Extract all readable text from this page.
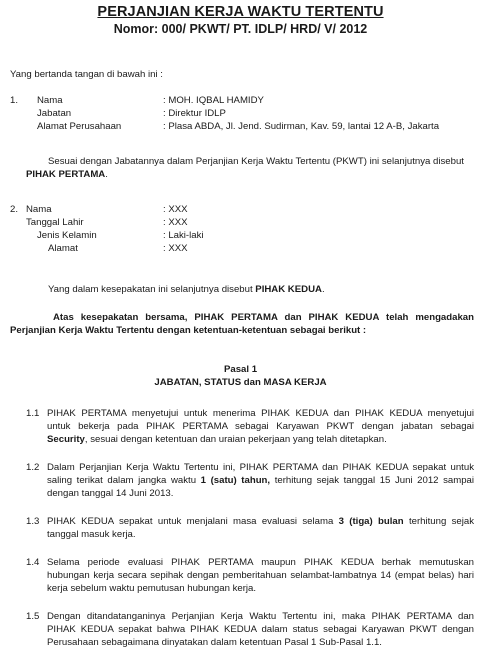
PERJANJIAN KERJA WAKTU TERTENTU
Nomor: 000/ PKWT/ PT. IDLP/ HRD/ V/ 2012
Yang bertanda tangan di bawah ini :
1. Nama	: MOH. IQBAL HAMIDY
Jabatan	: Direktur IDLP
Alamat Perusahaan	: Plasa ABDA, Jl. Jend. Sudirman, Kav. 59, lantai 12 A-B, Jakarta
Sesuai dengan Jabatannya dalam Perjanjian Kerja Waktu Tertentu (PKWT) ini selanjutnya disebut
PIHAK PERTAMA.
2. Nama	: XXX
Tanggal Lahir	: XXX
Jenis Kelamin	: Laki-laki
Alamat	: XXX
Yang dalam kesepakatan ini selanjutnya disebut PIHAK KEDUA.
Atas kesepakatan bersama, PIHAK PERTAMA dan PIHAK KEDUA telah mengadakan
Perjanjian Kerja Waktu Tertentu dengan ketentuan-ketentuan sebagai berikut :
Pasal 1
JABATAN, STATUS dan MASA KERJA
1.1 PIHAK PERTAMA menyetujui untuk menerima PIHAK KEDUA dan PIHAK KEDUA menyetujui
untuk bekerja pada PIHAK PERTAMA sebagai Karyawan PKWT dengan jabatan sebagai
Security, sesuai dengan ketentuan dan uraian pekerjaan yang telah ditetapkan.
1.2 Dalam Perjanjian Kerja Waktu Tertentu ini, PIHAK PERTAMA dan PIHAK KEDUA sepakat untuk
saling terikat dalam jangka waktu 1 (satu) tahun, terhitung sejak tanggal 15 Juni 2012 sampai
dengan tanggal 14 Juni 2013.
1.3 PIHAK KEDUA sepakat untuk menjalani masa evaluasi selama 3 (tiga) bulan terhitung sejak
tanggal masuk kerja.
1.4 Selama periode evaluasi PIHAK PERTAMA maupun PIHAK KEDUA berhak memutuskan
hubungan kerja secara sepihak dengan pemberitahuan selambat-lambatnya 14 (empat belas) hari
kerja sebelum waktu pemutusan hubungan kerja.
1.5 Dengan ditandatanganinya Perjanjian Kerja Waktu Tertentu ini, maka PIHAK PERTAMA dan
PIHAK KEDUA sepakat bahwa PIHAK KEDUA dalam status sebagai Karyawan PKWT dengan
Perusahaan sebagaimana dinyatakan dalam ketentuan Pasal 1 Sub-Pasal 1.1.
